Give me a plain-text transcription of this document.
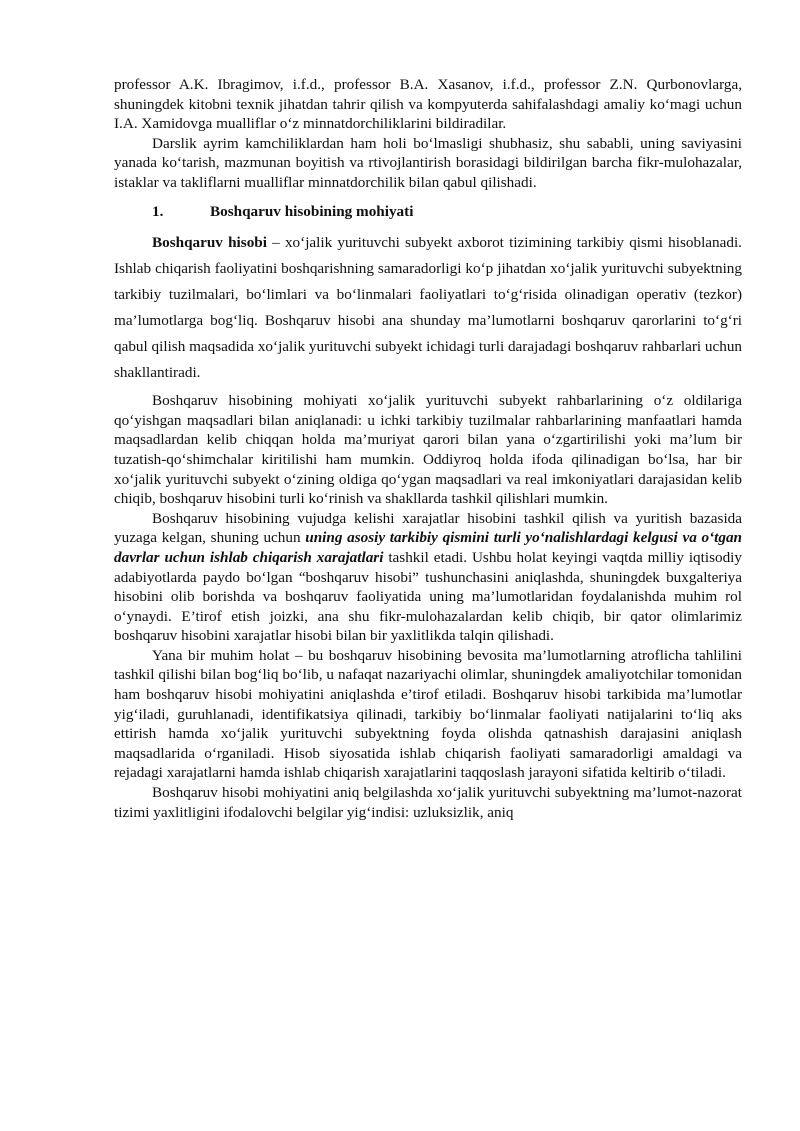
professor A.K. Ibragimov, i.f.d., professor B.A. Xasanov, i.f.d., professor Z.N. Qurbonovlarga, shuningdek kitobni texnik jihatdan tahrir qilish va kompyuterda sahifalashdagi amaliy ko‘magi uchun I.A. Xamidovga mualliflar o‘z minnatdorchiliklarini bildiradilar.

Darslik ayrim kamchiliklardan ham holi bo‘lmasligi shubhasiz, shu sababli, uning saviyasini yanada ko‘tarish, mazmunan boyitish va rtivojlantirish borasidagi bildirilgan barcha fikr-mulohazalar, istaklar va takliflarni mualliflar minnatdorchilik bilan qabul qilishadi.

1.	Boshqaruv hisobining mohiyati

Boshqaruv hisobi – xo‘jalik yurituvchi subyekt axborot tizimining tarkibiy qismi hisoblanadi. Ishlab chiqarish faoliyatini boshqarishning samaradorligi ko‘p jihatdan xo‘jalik yurituvchi subyektning tarkibiy tuzilmalari, bo‘limlari va bo‘linmalari faoliyatlari to‘g‘risida olinadigan operativ (tezkor) ma’lumotlarga bog‘liq. Boshqaruv hisobi ana shunday ma’lumotlarni boshqaruv qarorlarini to‘g‘ri qabul qilish maqsadida xo‘jalik yurituvchi subyekt ichidagi turli darajadagi boshqaruv rahbarlari uchun shakllantiradi.

Boshqaruv hisobining mohiyati xo‘jalik yurituvchi subyekt rahbarlarining o‘z oldilariga qo‘yishgan maqsadlari bilan aniqlanadi: u ichki tarkibiy tuzilmalar rahbarlarining manfaatlari hamda maqsadlardan kelib chiqqan holda ma’muriyat qarori bilan yana o‘zgartirilishi yoki ma’lum bir tuzatish-qo‘shimchalar kiritilishi ham mumkin. Oddiyroq holda ifoda qilinadigan bo‘lsa, har bir xo‘jalik yurituvchi subyekt o‘zining oldiga qo‘ygan maqsadlari va real imkoniyatlari darajasidan kelib chiqib, boshqaruv hisobini turli ko‘rinish va shakllarda tashkil qilishlari mumkin.

Boshqaruv hisobining vujudga kelishi xarajatlar hisobini tashkil qilish va yuritish bazasida yuzaga kelgan, shuning uchun uning asosiy tarkibiy qismini turli yo‘nalishlardagi kelgusi va o‘tgan davrlar uchun ishlab chiqarish xarajatlari tashkil etadi. Ushbu holat keyingi vaqtda milliy iqtisodiy adabiyotlarda paydo bo‘lgan “boshqaruv hisobi” tushunchasini aniqlashda, shuningdek buxgalteriya hisobini olib borishda va boshqaruv faoliyatida uning ma’lumotlaridan foydalanishda muhim rol o‘ynaydi. E’tirof etish joizki, ana shu fikr-mulohazalardan kelib chiqib, bir qator olimlarimiz boshqaruv hisobini xarajatlar hisobi bilan bir yaxlitlikda talqin qilishadi.

Yana bir muhim holat – bu boshqaruv hisobining bevosita ma’lumotlarning atroflicha tahlilini tashkil qilishi bilan bog‘liq bo‘lib, u nafaqat nazariyachi olimlar, shuningdek amaliyotchilar tomonidan ham boshqaruv hisobi mohiyatini aniqlashda e’tirof etiladi. Boshqaruv hisobi tarkibida ma’lumotlar yig‘iladi, guruhlanadi, identifikatsiya qilinadi, tarkibiy bo‘linmalar faoliyati natijalarini to‘liq aks ettirish hamda xo‘jalik yurituvchi subyektning foyda olishda qatnashish darajasini aniqlash maqsadlarida o‘rganiladi. Hisob siyosatida ishlab chiqarish faoliyati samaradorligi amaldagi va rejadagi xarajatlarni hamda ishlab chiqarish xarajatlarini taqqoslash jarayoni sifatida keltirib o‘tiladi.

Boshqaruv hisobi mohiyatini aniq belgilashda xo‘jalik yurituvchi subyektning ma’lumot-nazorat tizimi yaxlitligini ifodalovchi belgilar yig‘indisi: uzluksizlik, aniq
